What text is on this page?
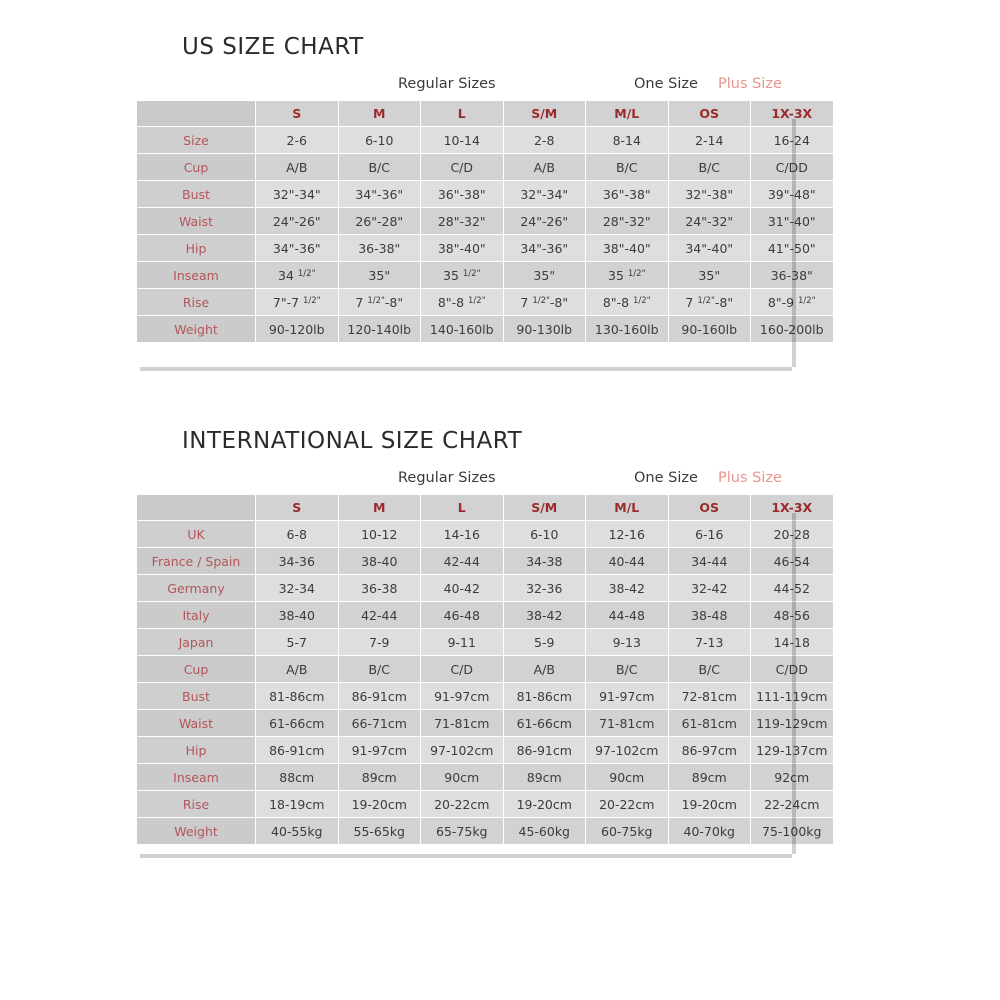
US SIZE CHART
Regular Sizes	One Size Plus Size
	S	M	L	S/M	M/L	OS	1X-3X
Size	2-6	6-10	10-14	2-8	8-14	2-14	16-24
Cup	A/B	B/C	C/D	A/B	B/C	B/C	C/DD
Bust	32"-34"	34"-36"	36"-38"	32"-34"	36"-38"	32"-38"	39"-48"
Waist	24"-26"	26"-28"	28"-32"	24"-26"	28"-32"	24"-32"	31"-40"
Hip	34"-36"	36-38"	38"-40"	34"-36"	38"-40"	34"-40"	41"-50"
Inseam	34 $^{1/2"}$	35"	35 $^{1/2"}$	35"	35 $^{1/2"}$	35"	36-38"
Rise	7"-7 $^{1/2"}$	7 $^{1/2"}$-8"	8"-8 $^{1/2"}$	7 $^{1/2"}$-8"	8"-8 $^{1/2"}$	7 $^{1/2"}$-8"	8"-9 $^{1/2"}$
Weight	90-120lb	120-140lb	140-160lb	90-130lb	130-160lb	90-160lb	160-200lb
INTERNATIONAL SIZE CHART
Regular Sizes	One Size Plus Size
	S	M	L	S/M	M/L	OS	1X-3X
UK	6-8	10-12	14-16	6-10	12-16	6-16	20-28
France / Spain	34-36	38-40	42-44	34-38	40-44	34-44	46-54
Germany	32-34	36-38	40-42	32-36	38-42	32-42	44-52
Italy	38-40	42-44	46-48	38-42	44-48	38-48	48-56
Japan	5-7	7-9	9-11	5-9	9-13	7-13	14-18
Cup	A/B	B/C	C/D	A/B	B/C	B/C	C/DD
Bust	81-86cm	86-91cm	91-97cm	81-86cm	91-97cm	72-81cm	111-119cm
Waist	61-66cm	66-71cm	71-81cm	61-66cm	71-81cm	61-81cm	119-129cm
Hip	86-91cm	91-97cm	97-102cm	86-91cm	97-102cm	86-97cm	129-137cm
Inseam	88cm	89cm	90cm	89cm	90cm	89cm	92cm
Rise	18-19cm	19-20cm	20-22cm	19-20cm	20-22cm	19-20cm	22-24cm
Weight	40-55kg	55-65kg	65-75kg	45-60kg	60-75kg	40-70kg	75-100kg
